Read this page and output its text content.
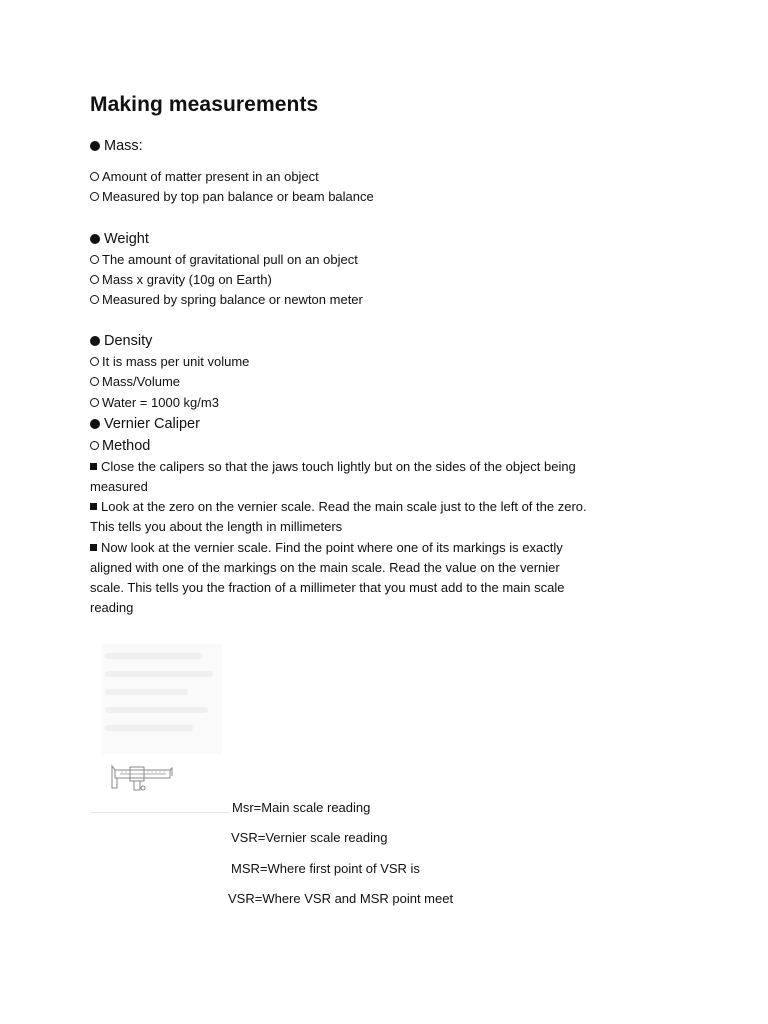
Making measurements
Mass:
Amount of matter present in an object
Measured by top pan balance or beam balance
Weight
The amount of gravitational pull on an object
Mass x gravity (10g on Earth)
Measured by spring balance or newton meter
Density
It is mass per unit volume
Mass/Volume
Water = 1000 kg/m3
Vernier Caliper
Method

Close the calipers so that the jaws touch lightly but on the sides of the object being measured

Look at the zero on the vernier scale. Read the main scale just to the left of the zero. This tells you about the length in millimeters

Now look at the vernier scale. Find the point where one of its markings is exactly aligned with one of the markings on the main scale. Read the value on the vernier scale. This tells you the fraction of a millimeter that you must add to the main scale reading

Msr=Main scale reading
VSR=Vernier scale reading
MSR=Where first point of VSR is
VSR=Where VSR and MSR point meet
